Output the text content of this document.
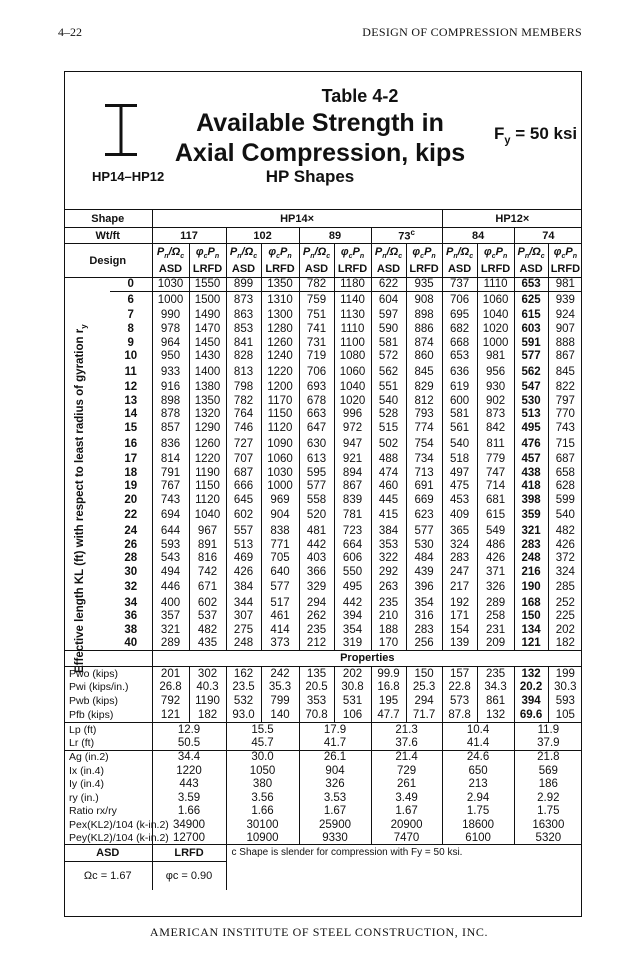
4–22	DESIGN OF COMPRESSION MEMBERS
Table 4-2
Available Strength in
Axial Compression, kips
$F_y = 50$ ksi
HP14–HP12	HP Shapes
Shape		HP14×								HP12×			
Wt/ft		117		102		89		73$^c$		84		74	
Design		$P_n/\Omega_c$	$\varphi_cP_n$	$P_n/\Omega_c$	$\varphi_cP_n$	$P_n/\Omega_c$	$\varphi_cP_n$	$P_n/\Omega_c$	$\varphi_cP_n$	$P_n/\Omega_c$	$\varphi_cP_n$	$P_n/\Omega_c$	$\varphi_cP_n$
		ASD	LRFD	ASD	LRFD	ASD	LRFD	ASD	LRFD	ASD	LRFD	ASD	LRFD

Effective length KL (ft) with respect to least radius of gyration $r_y$	0	1030	1550	899	1350	782	1180	622	935	737	1110	653	981
	6	1000	1500	873	1310	759	1140	604	908	706	1060	625	939
	7	990	1490	863	1300	751	1130	597	898	695	1040	615	924
	8	978	1470	853	1280	741	1110	590	886	682	1020	603	907
	9	964	1450	841	1260	731	1100	581	874	668	1000	591	888
	10	950	1430	828	1240	719	1080	572	860	653	981	577	867
	11	933	1400	813	1220	706	1060	562	845	636	956	562	845
	12	916	1380	798	1200	693	1040	551	829	619	930	547	822
	13	898	1350	782	1170	678	1020	540	812	600	902	530	797
	14	878	1320	764	1150	663	996	528	793	581	873	513	770
	15	857	1290	746	1120	647	972	515	774	561	842	495	743
	16	836	1260	727	1090	630	947	502	754	540	811	476	715
	17	814	1220	707	1060	613	921	488	734	518	779	457	687
	18	791	1190	687	1030	595	894	474	713	497	747	438	658
	19	767	1150	666	1000	577	867	460	691	475	714	418	628
	20	743	1120	645	969	558	839	445	669	453	681	398	599
	22	694	1040	602	904	520	781	415	623	409	615	359	540
	24	644	967	557	838	481	723	384	577	365	549	321	482
	26	593	891	513	771	442	664	353	530	324	486	283	426
	28	543	816	469	705	403	606	322	484	283	426	248	372
	30	494	742	426	640	366	550	292	439	247	371	216	324
	32	446	671	384	577	329	495	263	396	217	326	190	285
	34	400	602	344	517	294	442	235	354	192	289	168	252
	36	357	537	307	461	262	394	210	316	171	258	150	225
	38	321	482	275	414	235	354	188	283	154	231	134	202
	40	289	435	248	373	212	319	170	256	139	209	121	182
		Properties											
Pwo (kips)		201	302	162	242	135	202	99.9	150	157	235	132	199
Pwi (kips/in.)		26.8	40.3	23.5	35.3	20.5	30.8	16.8	25.3	22.8	34.3	20.2	30.3
Pwb (kips)		792	1190	532	799	353	531	195	294	573	861	394	593
Pfb (kips)		121	182	93.0	140	70.8	106	47.7	71.7	87.8	132	69.6	105
Lp (ft)		12.9		15.5		17.9		21.3		10.4		11.9	
Lr (ft)		50.5		45.7		41.7		37.6		41.4		37.9	
Ag (in.2)		34.4		30.0		26.1		21.4		24.6		21.8	
Ix (in.4)		1220		1050		904		729		650		569	
Iy (in.4)		443		380		326		261		213		186	
ry (in.)		3.59		3.56		3.53		3.49		2.94		2.92	
Ratio rx/ry		1.66		1.66		1.67		1.67		1.75		1.75	
Pex(KL2)/104 (k-in.2)		34900		30100		25900		20900		18600		16300	
Pey(KL2)/104 (k-in.2)		12700		10900		9330		7470		6100		5320	
ASD		LRFD		c Shape is slender for compression with Fy = 50 ksi.									
Ωc = 1.67		φc = 0.90											
AMERICAN INSTITUTE OF STEEL CONSTRUCTION, INC.
